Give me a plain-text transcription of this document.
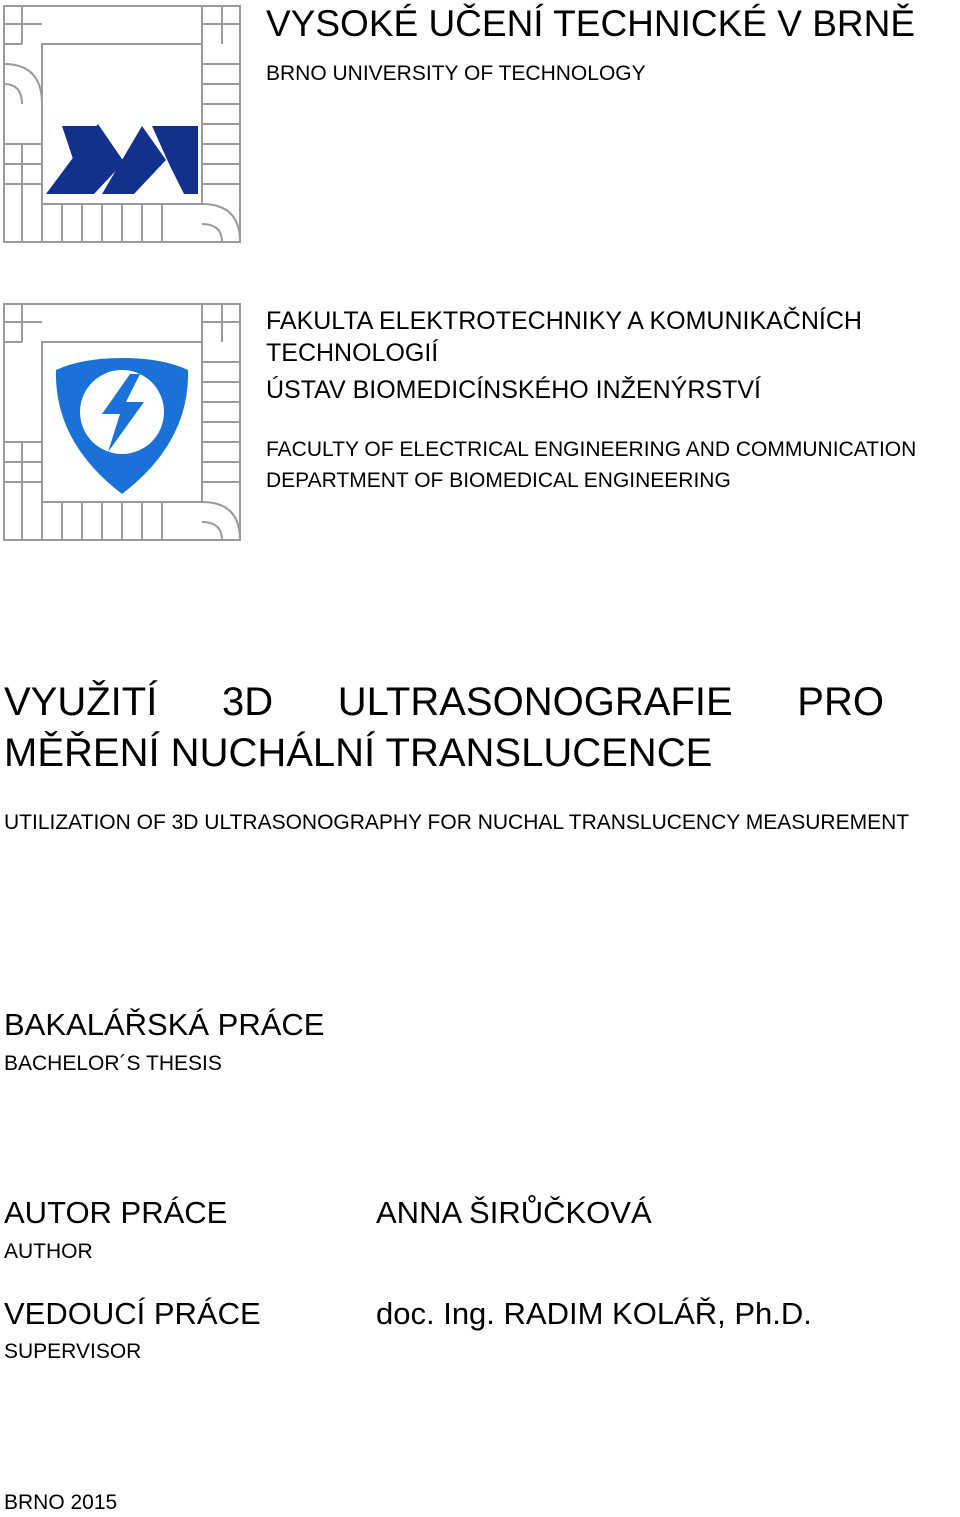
VYSOKÉ UČENÍ TECHNICKÉ V BRNĚ
BRNO UNIVERSITY OF TECHNOLOGY
FAKULTA ELEKTROTECHNIKY A KOMUNIKAČNÍCH
TECHNOLOGIÍ
ÚSTAV BIOMEDICÍNSKÉHO INŽENÝRSTVÍ
FACULTY OF ELECTRICAL ENGINEERING AND COMMUNICATION
DEPARTMENT OF BIOMEDICAL ENGINEERING
VYUŽITÍ 3D ULTRASONOGRAFIE PRO
MĚŘENÍ NUCHÁLNÍ TRANSLUCENCE
UTILIZATION OF 3D ULTRASONOGRAPHY FOR NUCHAL TRANSLUCENCY MEASUREMENT
BAKALÁŘSKÁ PRÁCE
BACHELOR´S THESIS
AUTOR PRÁCE
AUTHOR
ANNA ŠIRŮČKOVÁ
VEDOUCÍ PRÁCE
SUPERVISOR
doc. Ing. RADIM KOLÁŘ, Ph.D.
BRNO 2015
